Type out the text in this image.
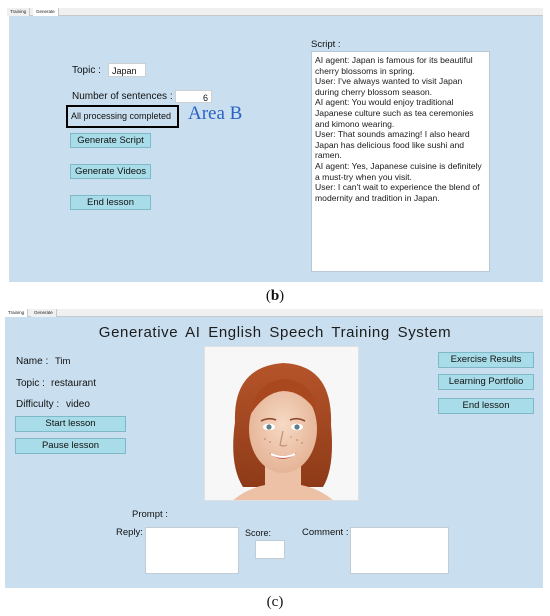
Training	Generate
Topic :	Japan
Number of sentences :	6
All processing completed Area B
Generate Script
Generate Videos
End lesson
Script :
AI agent: Japan is famous for its beautiful
cherry blossoms in spring.
User: I've always wanted to visit Japan
during cherry blossom season.
AI agent: You would enjoy traditional
Japanese culture such as tea ceremonies
and kimono wearing.
User: That sounds amazing! I also heard
Japan has delicious food like sushi and
ramen.
AI agent: Yes, Japanese cuisine is definitely
a must-try when you visit.
User: I can't wait to experience the blend of
modernity and tradition in Japan.
(b)
Training	Generate
Generative AI English Speech Training System
Name : Tim
Topic : restaurant
Difficulty : video
Start lesson
Pause lesson
Exercise Results
Learning Portfolio
End lesson
Prompt :
Reply:	Score:	Comment :
(c)
